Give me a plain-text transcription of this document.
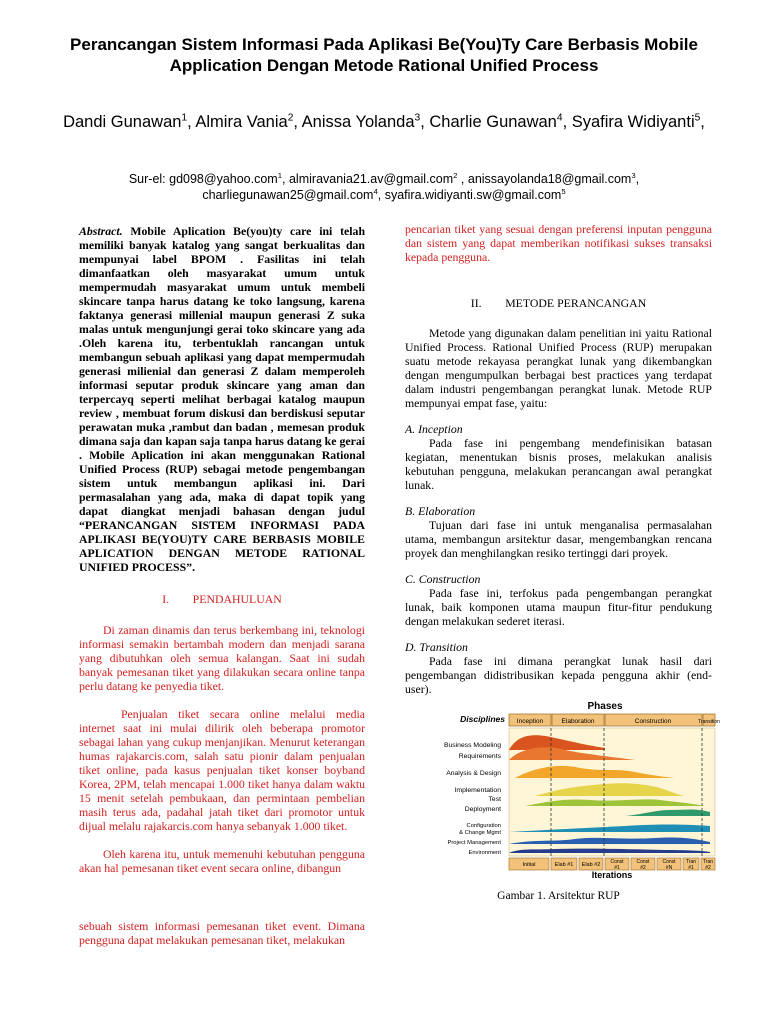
Perancangan Sistem Informasi Pada Aplikasi Be(You)Ty Care Berbasis Mobile Application Dengan Metode Rational Unified Process
Dandi Gunawan$^1$, Almira Vania$^2$, Anissa Yolanda$^3$, Charlie Gunawan$^4$, Syafira Widiyanti$^5$,
Sur-el: gd098@yahoo.com$^1$, almiravania21.av@gmail.com$^2$ , anissayolanda18@gmail.com$^3$,
charliegunawan25@gmail.com$^4$, syafira.widiyanti.sw@gmail.com$^5$

Abstract. Mobile Aplication Be(you)ty care ini telah memiliki banyak katalog yang sangat berkualitas dan mempunyai label BPOM . Fasilitas ini telah dimanfaatkan oleh masyarakat umum untuk mempermudah masyarakat umum untuk membeli skincare tanpa harus datang ke toko langsung, karena faktanya generasi millenial maupun generasi Z suka malas untuk mengunjungi gerai toko skincare yang ada .Oleh karena itu, terbentuklah rancangan untuk membangun sebuah aplikasi yang dapat mempermudah generasi milienial dan generasi Z dalam memperoleh informasi seputar produk skincare yang aman dan terpercayq seperti melihat berbagai katalog maupun review , membuat forum diskusi dan berdiskusi seputar perawatan muka ,rambut dan badan , memesan produk dimana saja dan kapan saja tanpa harus datang ke gerai . Mobile Aplication ini akan menggunakan Rational Unified Process (RUP) sebagai metode pengembangan sistem untuk membangun aplikasi ini. Dari permasalahan yang ada, maka di dapat topik yang dapat diangkat menjadi bahasan dengan judul “PERANCANGAN SISTEM INFORMASI PADA APLIKASI BE(YOU)TY CARE BERBASIS MOBILE APLICATION DENGAN METODE RATIONAL UNIFIED PROCESS”.

I. PENDAHULUAN

Di zaman dinamis dan terus berkembang ini, teknologi informasi semakin bertambah modern dan menjadi sarana yang dibutuhkan oleh semua kalangan. Saat ini sudah banyak pemesanan tiket yang dilakukan secara online tanpa perlu datang ke penyedia tiket.

Penjualan tiket secara online melalui media internet saat ini mulai dilirik oleh beberapa promotor sebagai lahan yang cukup menjanjikan. Menurut keterangan humas rajakarcis.com, salah satu pionir dalam penjualan tiket online, pada kasus penjualan tiket konser boyband Korea, 2PM, telah mencapai 1.000 tiket hanya dalam waktu 15 menit setelah pembukaan, dan permintaan pembelian masih terus ada, padahal jatah tiket dari promotor untuk dijual melalu rajakarcis.com hanya sebanyak 1.000 tiket.

Oleh karena itu, untuk memenuhi kebutuhan pengguna akan hal pemesanan tiket event secara online, dibangun

sebuah sistem informasi pemesanan tiket event. Dimana pengguna dapat melakukan pemesanan tiket, melakukan

pencarian tiket yang sesuai dengan preferensi inputan pengguna dan sistem yang dapat memberikan notifikasi sukses transaksi kepada pengguna.

II. METODE PERANCANGAN

Metode yang digunakan dalam penelitian ini yaitu Rational Unified Process. Rational Unified Process (RUP) merupakan suatu metode rekayasa perangkat lunak yang dikembangkan dengan mengumpulkan berbagai best practices yang terdapat dalam industri pengembangan perangkat lunak. Metode RUP mempunyai empat fase, yaitu:

A. Inception

Pada fase ini pengembang mendefinisikan batasan kegiatan, menentukan bisnis proses, melakukan analisis kebutuhan pengguna, melakukan perancangan awal perangkat lunak.

B. Elaboration

Tujuan dari fase ini untuk menganalisa permasalahan utama, membangun arsitektur dasar, mengembangkan rencana proyek dan menghilangkan resiko tertinggi dari proyek.

C. Construction

Pada fase ini, terfokus pada pengembangan perangkat lunak, baik komponen utama maupun fitur-fitur pendukung dengan melakukan sederet iterasi.

D. Transition

Pada fase ini dimana perangkat lunak hasil dari pengembangan didistribusikan kepada pengguna akhir (end-user).

Phases
Disciplines Inception	Elaboration	Construction	Transition
Business Modeling
Requirements
Analysis & Design
Implementation
Test
Deployment
Configuration
& Change Mgmt
Project Management
Environment
Initial	Elab #1 Elab #2 Const
#1
Const
#2
Const
#N
Tran
#1
Tran
#2
Iterations

Gambar 1. Arsitektur RUP
